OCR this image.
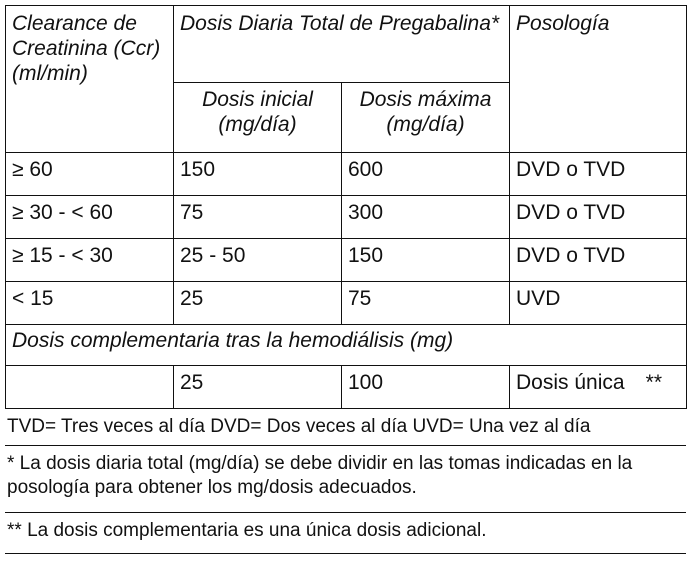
Clearance de Creatinina (Ccr) (ml/min)	Dosis Diaria Total de Pregabalina*		Posología
	Dosis inicial (mg/día)	Dosis máxima (mg/día)	
≥ 60	150	600	DVD o TVD
≥ 30 - < 60	75	300	DVD o TVD
≥ 15 - < 30	25 - 50	150	DVD o TVD
< 15	25	75	UVD
Dosis complementaria tras la hemodiálisis (mg)			
	25	100	Dosis única **
TVD= Tres veces al día DVD= Dos veces al día UVD= Una vez al día
* La dosis diaria total (mg/día) se debe dividir en las tomas indicadas en la posología para obtener los mg/dosis adecuados.
** La dosis complementaria es una única dosis adicional.
